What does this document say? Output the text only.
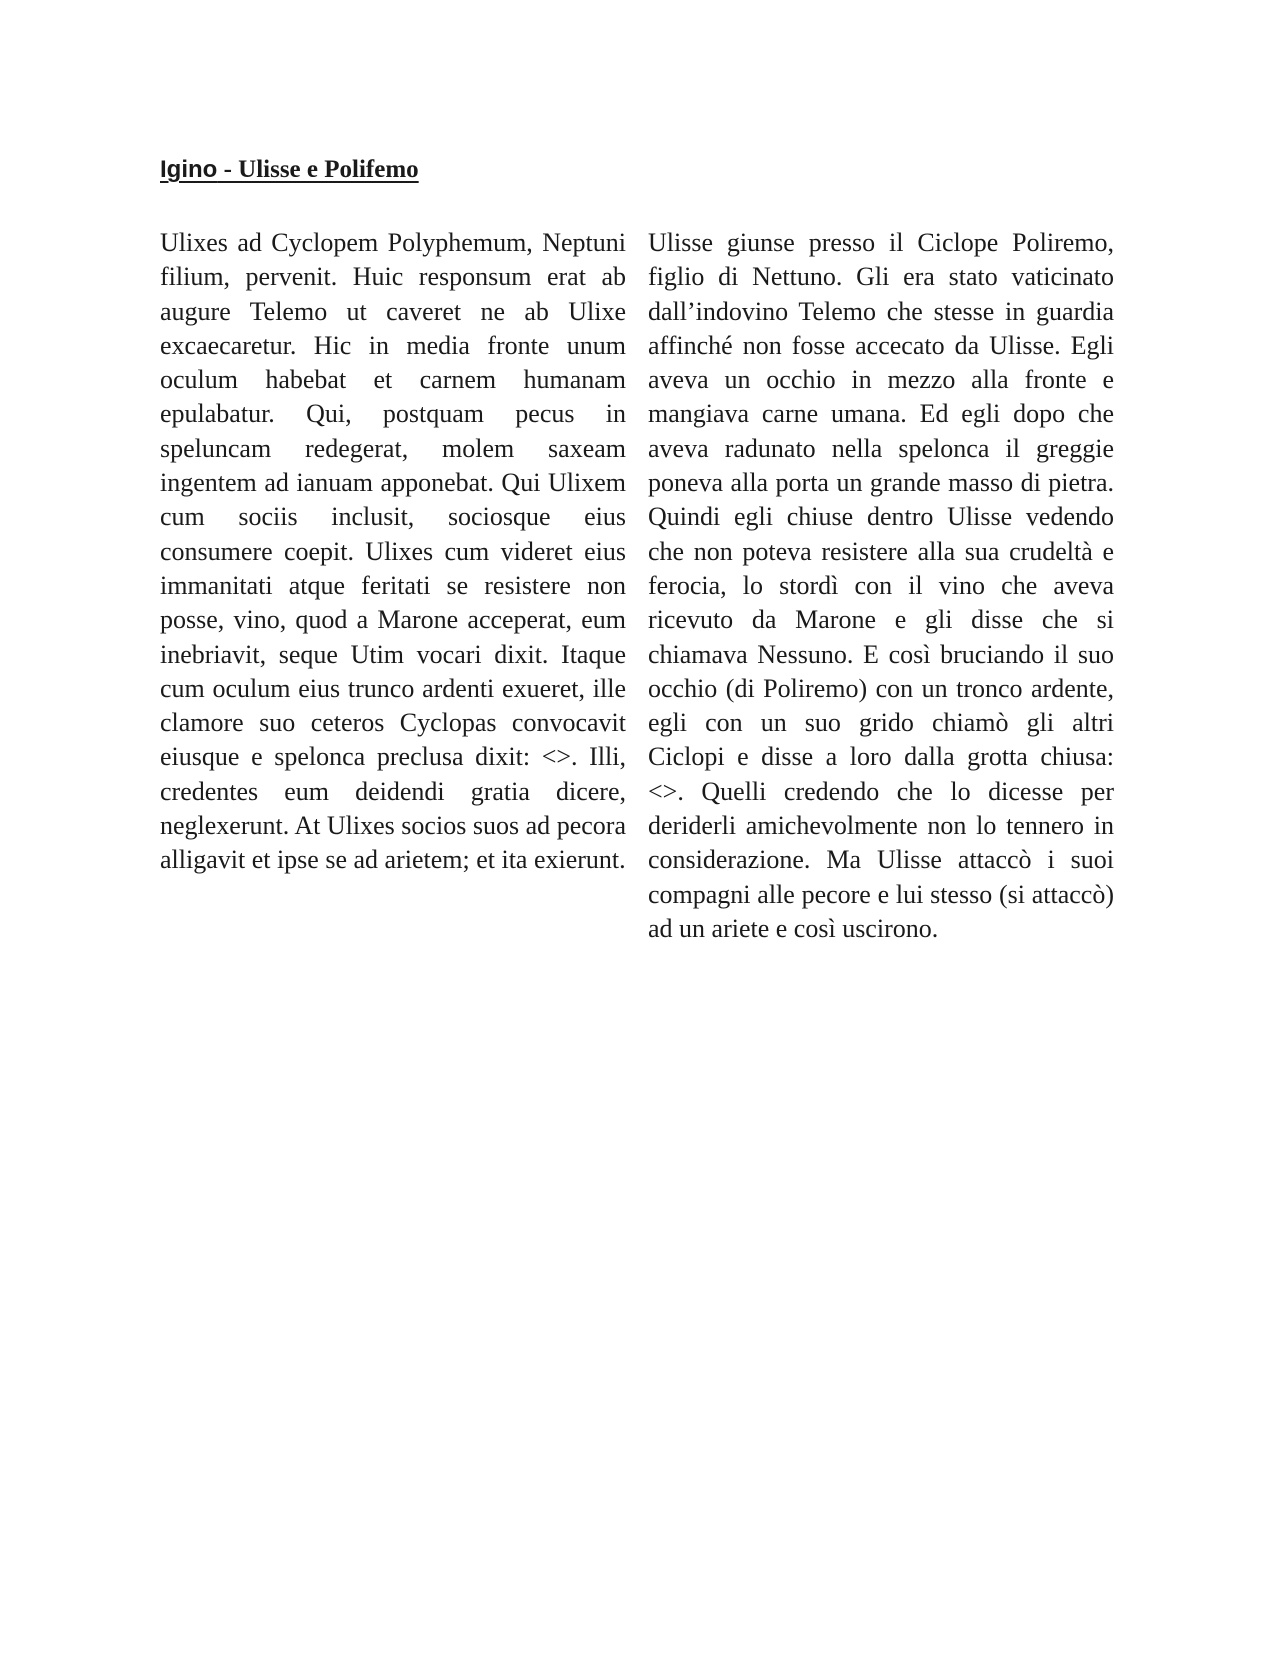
Igino - Ulisse e Polifemo

Ulixes ad Cyclopem Polyphemum, Neptuni filium, pervenit. Huic responsum erat ab augure Telemo ut caveret ne ab Ulixe excaecaretur. Hic in media fronte unum oculum habebat et carnem humanam epulabatur. Qui, postquam pecus in speluncam redegerat, molem saxeam ingentem ad ianuam apponebat. Qui Ulixem cum sociis inclusit, sociosque eius consumere coepit. Ulixes cum videret eius immanitati atque feritati se resistere non posse, vino, quod a Marone acceperat, eum inebriavit, seque Utim vocari dixit. Itaque cum oculum eius trunco ardenti exueret, ille clamore suo ceteros Cyclopas convocavit eiusque e spelonca preclusa dixit: <>. Illi, credentes eum deidendi gratia dicere, neglexerunt. At Ulixes socios suos ad pecora alligavit et ipse se ad arietem; et ita exierunt.

Ulisse giunse presso il Ciclope Poliremo, figlio di Nettuno. Gli era stato vaticinato dall’indovino Telemo che stesse in guardia affinché non fosse accecato da Ulisse. Egli aveva un occhio in mezzo alla fronte e mangiava carne umana. Ed egli dopo che aveva radunato nella spelonca il greggie poneva alla porta un grande masso di pietra. Quindi egli chiuse dentro Ulisse vedendo che non poteva resistere alla sua crudeltà e ferocia, lo stordì con il vino che aveva ricevuto da Marone e gli disse che si chiamava Nessuno. E così bruciando il suo occhio (di Poliremo) con un tronco ardente, egli con un suo grido chiamò gli altri Ciclopi e disse a loro dalla grotta chiusa: <>. Quelli credendo che lo dicesse per deriderli amichevolmente non lo tennero in considerazione. Ma Ulisse attaccò i suoi compagni alle pecore e lui stesso (si attaccò) ad un ariete e così uscirono.
